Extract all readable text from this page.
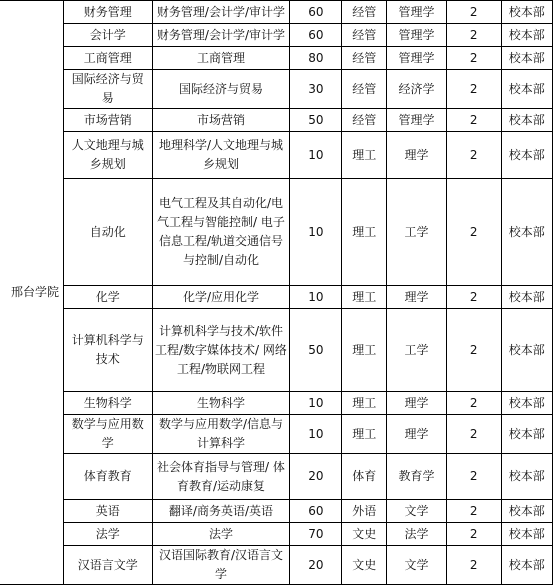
邢台学院	财务管理	财务管理/会计学/审计学	60	经管	管理学	2	校本部

	会计学	财务管理/会计学/审计学	60	经管	管理学	2	校本部

	工商管理	工商管理	80	经管	管理学	2	校本部

	国际经济与贸易	国际经济与贸易	30	经管	经济学	2	校本部

	市场营销	市场营销	50	经管	管理学	2	校本部

	人文地理与城乡规划	地理科学/人文地理与城乡规划	10	理工	理学	2	校本部

	自动化	电气工程及其自动化/电气工程与智能控制/ 电子信息工程/轨道交通信号与控制/自动化	10	理工	工学	2	校本部

	化学	化学/应用化学	10	理工	理学	2	校本部

	计算机科学与技术	计算机科学与技术/软件工程/数字媒体技术/ 网络工程/物联网工程	50	理工	工学	2	校本部

	生物科学	生物科学	10	理工	理学	2	校本部

	数学与应用数学	数学与应用数学/信息与计算科学	10	理工	理学	2	校本部

	体育教育	社会体育指导与管理/ 体育教育/运动康复	20	体育	教育学	2	校本部

	英语	翻译/商务英语/英语	60	外语	文学	2	校本部

	法学	法学	70	文史	法学	2	校本部

	汉语言文学	汉语国际教育/汉语言文学	20	文史	文学	2	校本部
